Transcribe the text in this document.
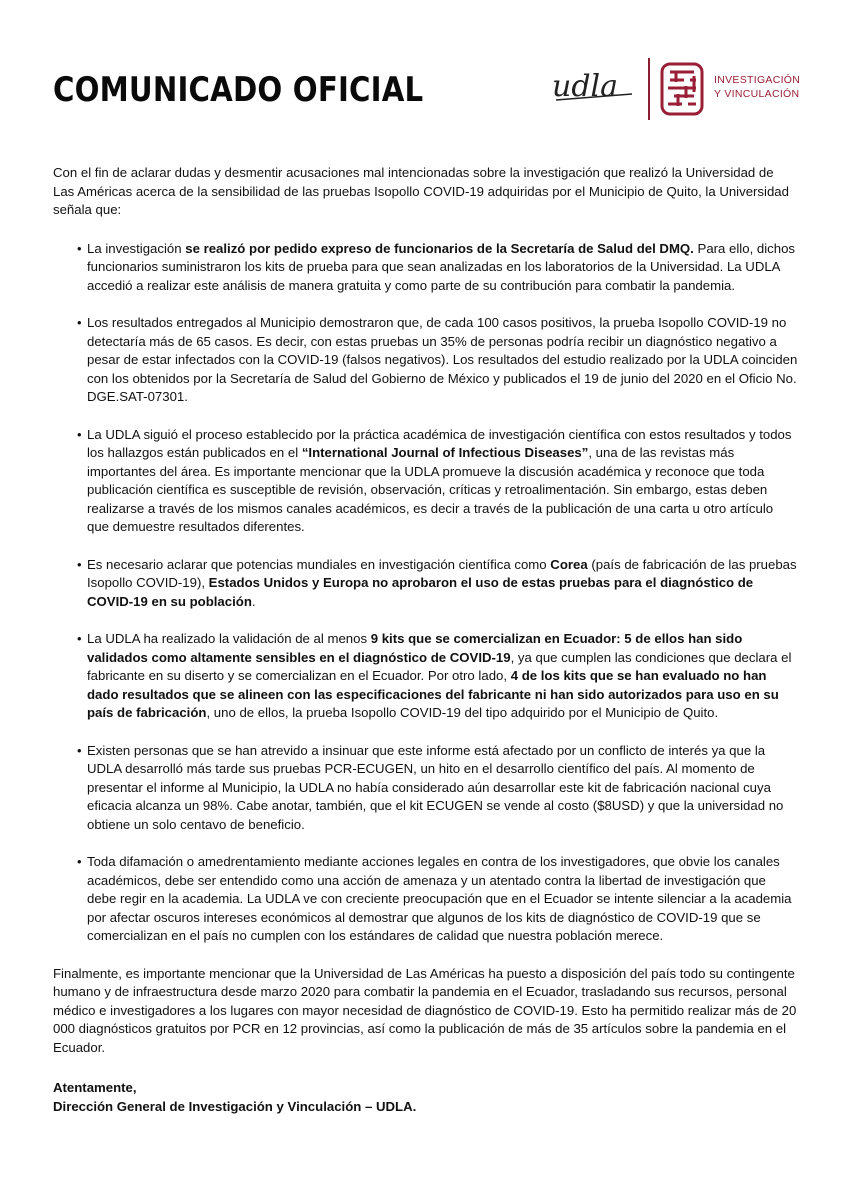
COMUNICADO OFICIAL	udla	INVESTIGACIÓN
Y VINCULACIÓN

Con el fin de aclarar dudas y desmentir acusaciones mal intencionadas sobre la investigación que realizó la Universidad de Las Américas acerca de la sensibilidad de las pruebas Isopollo COVID-19 adquiridas por el Municipio de Quito, la Universidad señala que:

• La investigación se realizó por pedido expreso de funcionarios de la Secretaría de Salud del DMQ. Para ello, dichos funcionarios suministraron los kits de prueba para que sean analizadas en los laboratorios de la Universidad. La UDLA accedió a realizar este análisis de manera gratuita y como parte de su contribución para combatir la pandemia.

• Los resultados entregados al Municipio demostraron que, de cada 100 casos positivos, la prueba Isopollo COVID-19 no detectaría más de 65 casos. Es decir, con estas pruebas un 35% de personas podría recibir un diagnóstico negativo a pesar de estar infectados con la COVID-19 (falsos negativos). Los resultados del estudio realizado por la UDLA coinciden con los obtenidos por la Secretaría de Salud del Gobierno de México y publicados el 19 de junio del 2020 en el Oficio No. DGE.SAT-07301.

• La UDLA siguió el proceso establecido por la práctica académica de investigación científica con estos resultados y todos los hallazgos están publicados en el “International Journal of Infectious Diseases”, una de las revistas más importantes del área. Es importante mencionar que la UDLA promueve la discusión académica y reconoce que toda publicación científica es susceptible de revisión, observación, críticas y retroalimentación. Sin embargo, estas deben realizarse a través de los mismos canales académicos, es decir a través de la publicación de una carta u otro artículo que demuestre resultados diferentes.

• Es necesario aclarar que potencias mundiales en investigación científica como Corea (país de fabricación de las pruebas Isopollo COVID-19), Estados Unidos y Europa no aprobaron el uso de estas pruebas para el diagnóstico de COVID-19 en su población.

• La UDLA ha realizado la validación de al menos 9 kits que se comercializan en Ecuador: 5 de ellos han sido validados como altamente sensibles en el diagnóstico de COVID-19, ya que cumplen las condiciones que declara el fabricante en su diserto y se comercializan en el Ecuador. Por otro lado, 4 de los kits que se han evaluado no han dado resultados que se alineen con las especificaciones del fabricante ni han sido autorizados para uso en su país de fabricación, uno de ellos, la prueba Isopollo COVID-19 del tipo adquirido por el Municipio de Quito.

• Existen personas que se han atrevido a insinuar que este informe está afectado por un conflicto de interés ya que la UDLA desarrolló más tarde sus pruebas PCR-ECUGEN, un hito en el desarrollo científico del país. Al momento de presentar el informe al Municipio, la UDLA no había considerado aún desarrollar este kit de fabricación nacional cuya eficacia alcanza un 98%. Cabe anotar, también, que el kit ECUGEN se vende al costo ($8USD) y que la universidad no obtiene un solo centavo de beneficio.

• Toda difamación o amedrentamiento mediante acciones legales en contra de los investigadores, que obvie los canales académicos, debe ser entendido como una acción de amenaza y un atentado contra la libertad de investigación que debe regir en la academia. La UDLA ve con creciente preocupación que en el Ecuador se intente silenciar a la academia por afectar oscuros intereses económicos al demostrar que algunos de los kits de diagnóstico de COVID-19 que se comercializan en el país no cumplen con los estándares de calidad que nuestra población merece.

Finalmente, es importante mencionar que la Universidad de Las Américas ha puesto a disposición del país todo su contingente humano y de infraestructura desde marzo 2020 para combatir la pandemia en el Ecuador, trasladando sus recursos, personal médico e investigadores a los lugares con mayor necesidad de diagnóstico de COVID-19. Esto ha permitido realizar más de 20 000 diagnósticos gratuitos por PCR en 12 provincias, así como la publicación de más de 35 artículos sobre la pandemia en el Ecuador.

Atentamente,

Dirección General de Investigación y Vinculación – UDLA.
